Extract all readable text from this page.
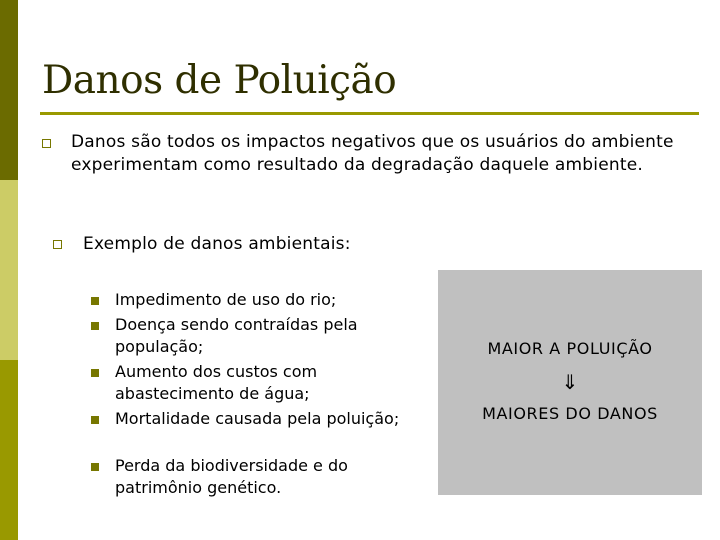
Danos de Poluição
Danos são todos os impactos negativos que os usuários do ambiente experimentam como resultado da degradação daquele ambiente.
Exemplo de danos ambientais:
Impedimento de uso do rio;
Doença sendo contraídas pela população;
Aumento dos custos com abastecimento de água;
Mortalidade causada pela poluição;
Perda da biodiversidade e do patrimônio genético.
MAIOR A POLUIÇÃO
⇓
MAIORES DO DANOS
